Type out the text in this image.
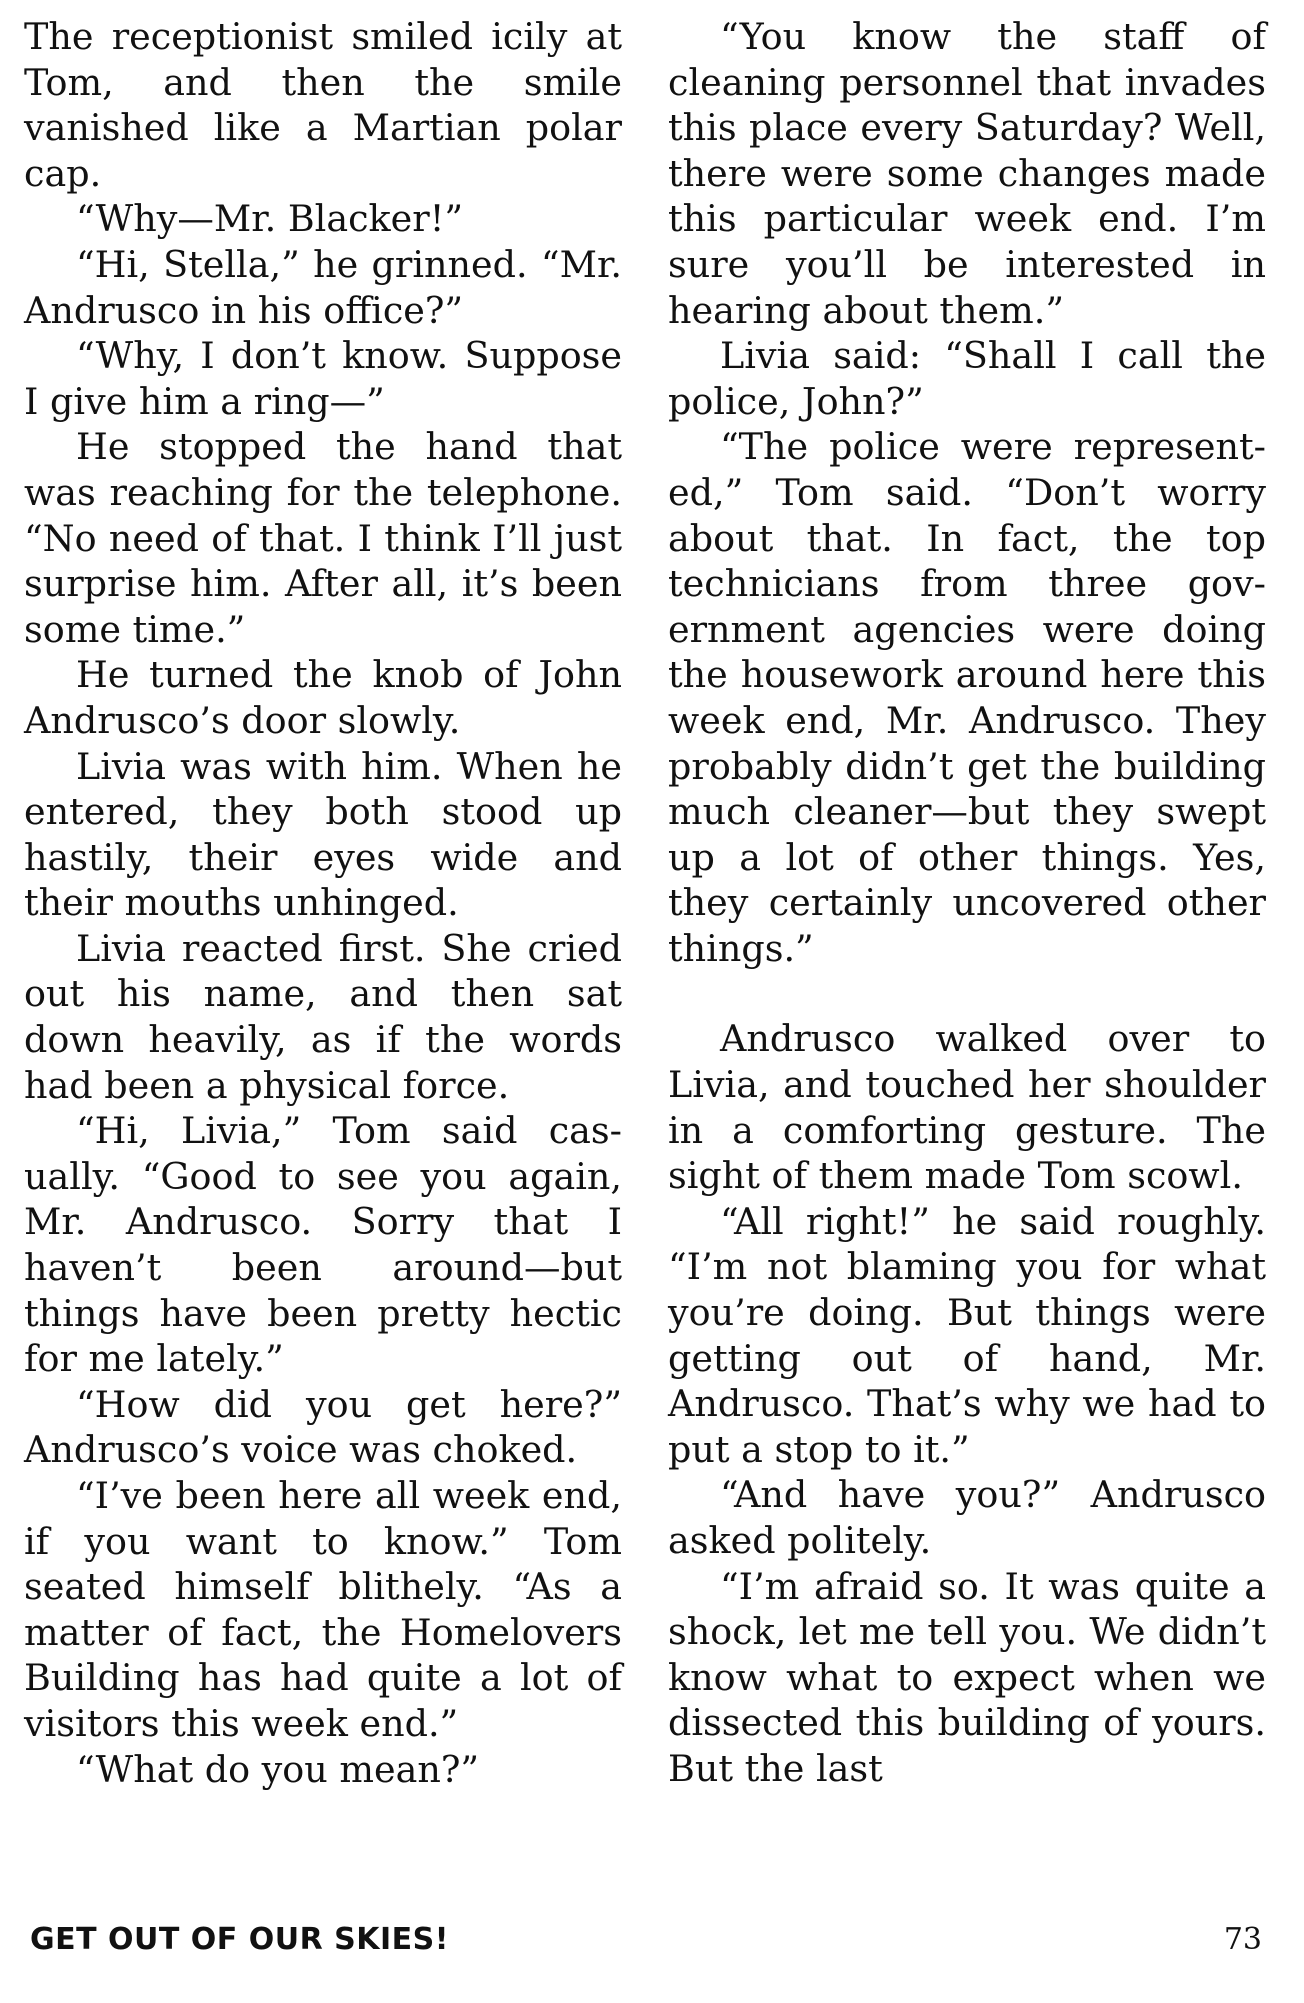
The receptionist smiled icily at Tom, and then the smile vanished like a Martian polar cap.

“Why—Mr. Blacker!”

“Hi, Stella,” he grinned. “Mr. Andrusco in his office?”

“Why, I don’t know. Suppose I give him a ring—”

He stopped the hand that was reaching for the telephone. “No need of that. I think I’ll just surprise him. After all, it’s been some time.”

He turned the knob of John Andrusco’s door slowly.

Livia was with him. When he entered, they both stood up hastily, their eyes wide and their mouths unhinged.

Livia reacted first. She cried out his name, and then sat down heavily, as if the words had been a physical force.

“Hi, Livia,” Tom said casually. “Good to see you again, Mr. Andrusco. Sorry that I haven’t been around—but things have been pretty hectic for me lately.”

“How did you get here?” Andrusco’s voice was choked.

“I’ve been here all week end, if you want to know.” Tom seated himself blithely. “As a matter of fact, the Homelovers Building has had quite a lot of visitors this week end.”

“What do you mean?”

“You know the staff of cleaning personnel that invades this place every Saturday? Well, there were some changes made this particular week end. I’m sure you’ll be interested in hearing about them.”

Livia said: “Shall I call the police, John?”

“The police were represented,” Tom said. “Don’t worry about that. In fact, the top technicians from three government agencies were doing the housework around here this week end, Mr. Andrusco. They probably didn’t get the building much cleaner—but they swept up a lot of other things. Yes, they certainly uncovered other things.”

Andrusco walked over to Livia, and touched her shoulder in a comforting gesture. The sight of them made Tom scowl.

“All right!” he said roughly. “I’m not blaming you for what you’re doing. But things were getting out of hand, Mr. Andrusco. That’s why we had to put a stop to it.”

“And have you?” Andrusco asked politely.

“I’m afraid so. It was quite a shock, let me tell you. We didn’t know what to expect when we dissected this building of yours. But the last

GET OUT OF OUR SKIES!	73
